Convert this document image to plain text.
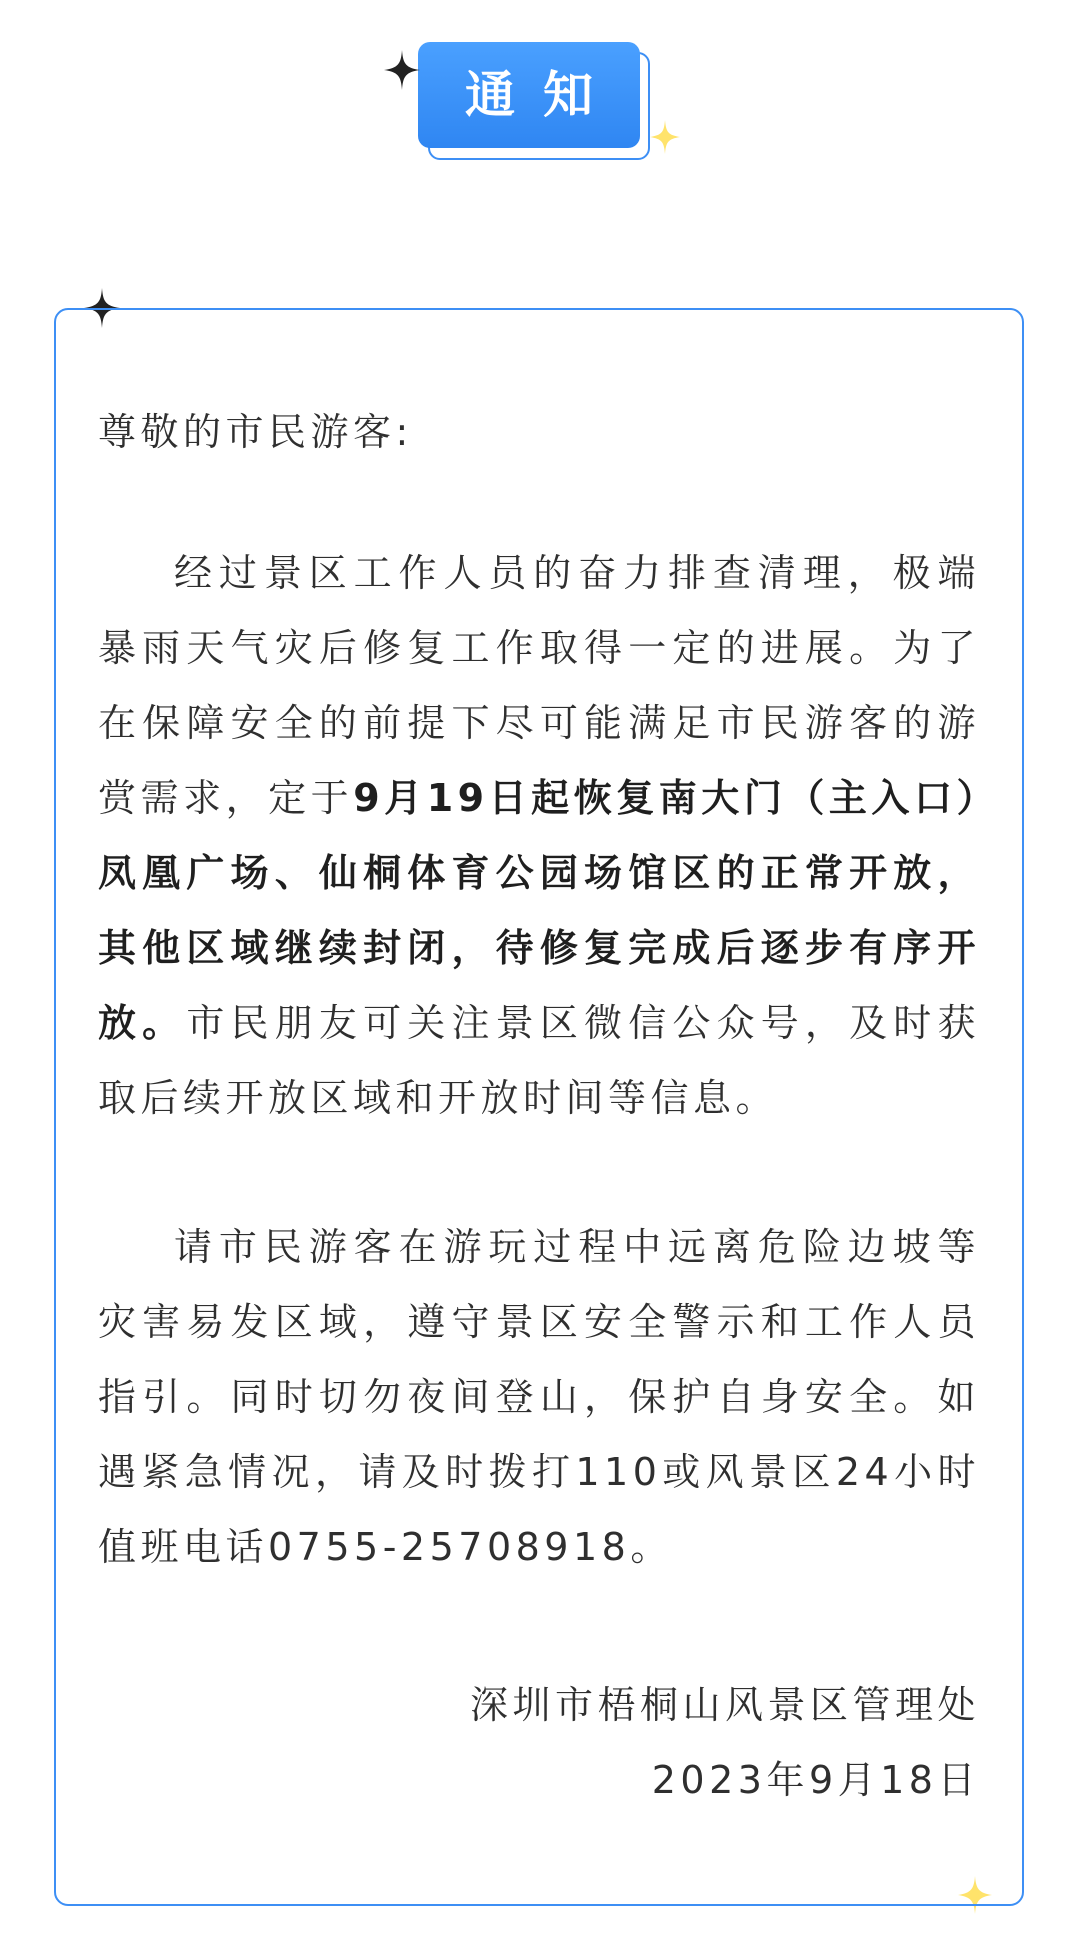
通知

尊敬的市民游客:

经过景区工作人员的奋力排查清理，极端暴雨天气灾后修复工作取得一定的进展。为了在保障安全的前提下尽可能满足市民游客的游赏需求，定于9月19日起恢复南大门（主入口）凤凰广场、仙桐体育公园场馆区的正常开放，其他区域继续封闭，待修复完成后逐步有序开放。市民朋友可关注景区微信公众号，及时获取后续开放区域和开放时间等信息。

请市民游客在游玩过程中远离危险边坡等灾害易发区域，遵守景区安全警示和工作人员指引。同时切勿夜间登山，保护自身安全。如遇紧急情况，请及时拨打110或风景区24小时值班电话0755-25708918。

深圳市梧桐山风景区管理处
2023年9月18日
